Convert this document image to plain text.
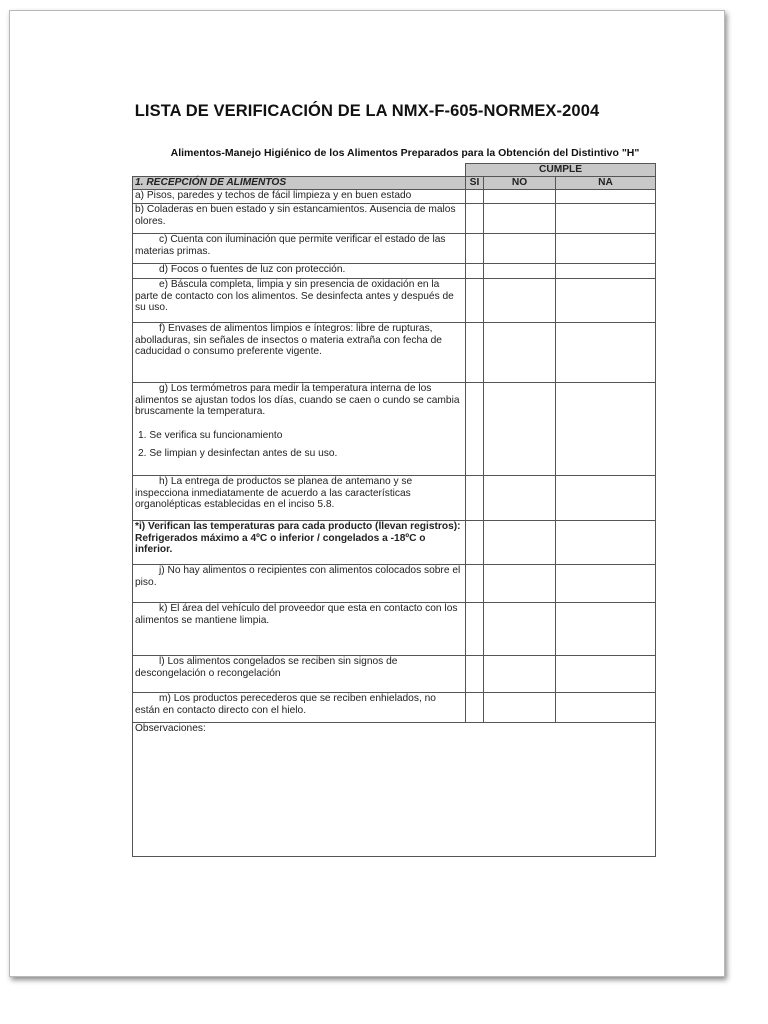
LISTA DE VERIFICACIÓN DE LA NMX-F-605-NORMEX-2004
Alimentos-Manejo Higiénico de los Alimentos Preparados para la Obtención del Distintivo "H"
	CUMPLE		
1. RECEPCIÓN DE ALIMENTOS	SI	NO	NA
a) Pisos, paredes y techos de fácil limpieza y en buen estado			
b) Coladeras en buen estado y sin estancamientos. Ausencia de malos olores.			
c) Cuenta con iluminación que permite verificar el estado de las materias primas.			
d) Focos o fuentes de luz con protección.			
e) Báscula completa, limpia y sin presencia de oxidación en la parte de contacto con los alimentos. Se desinfecta antes y después de su uso.			
f) Envases de alimentos limpios e íntegros: libre de rupturas, abolladuras, sin señales de insectos o materia extraña con fecha de caducidad o consumo preferente vigente.			
g) Los termómetros para medir la temperatura interna de los alimentos se ajustan todos los días, cuando se caen o cundo se cambia bruscamente la temperatura.			
1. Se verifica su funcionamiento			
2. Se limpian y desinfectan antes de su uso.			
h) La entrega de productos se planea de antemano y se inspecciona inmediatamente de acuerdo a las características organolépticas establecidas en el inciso 5.8.			
*i) Verifican las temperaturas para cada producto (llevan registros): Refrigerados máximo a 4ºC o inferior / congelados a -18ºC o inferior.			
j) No hay alimentos o recipientes con alimentos colocados sobre el piso.			
k) El área del vehículo del proveedor que esta en contacto con los alimentos se mantiene limpia.			
l) Los alimentos congelados se reciben sin signos de descongelación o recongelación			
m) Los productos perecederos que se reciben enhielados, no están en contacto directo con el hielo.			
Observaciones:			
